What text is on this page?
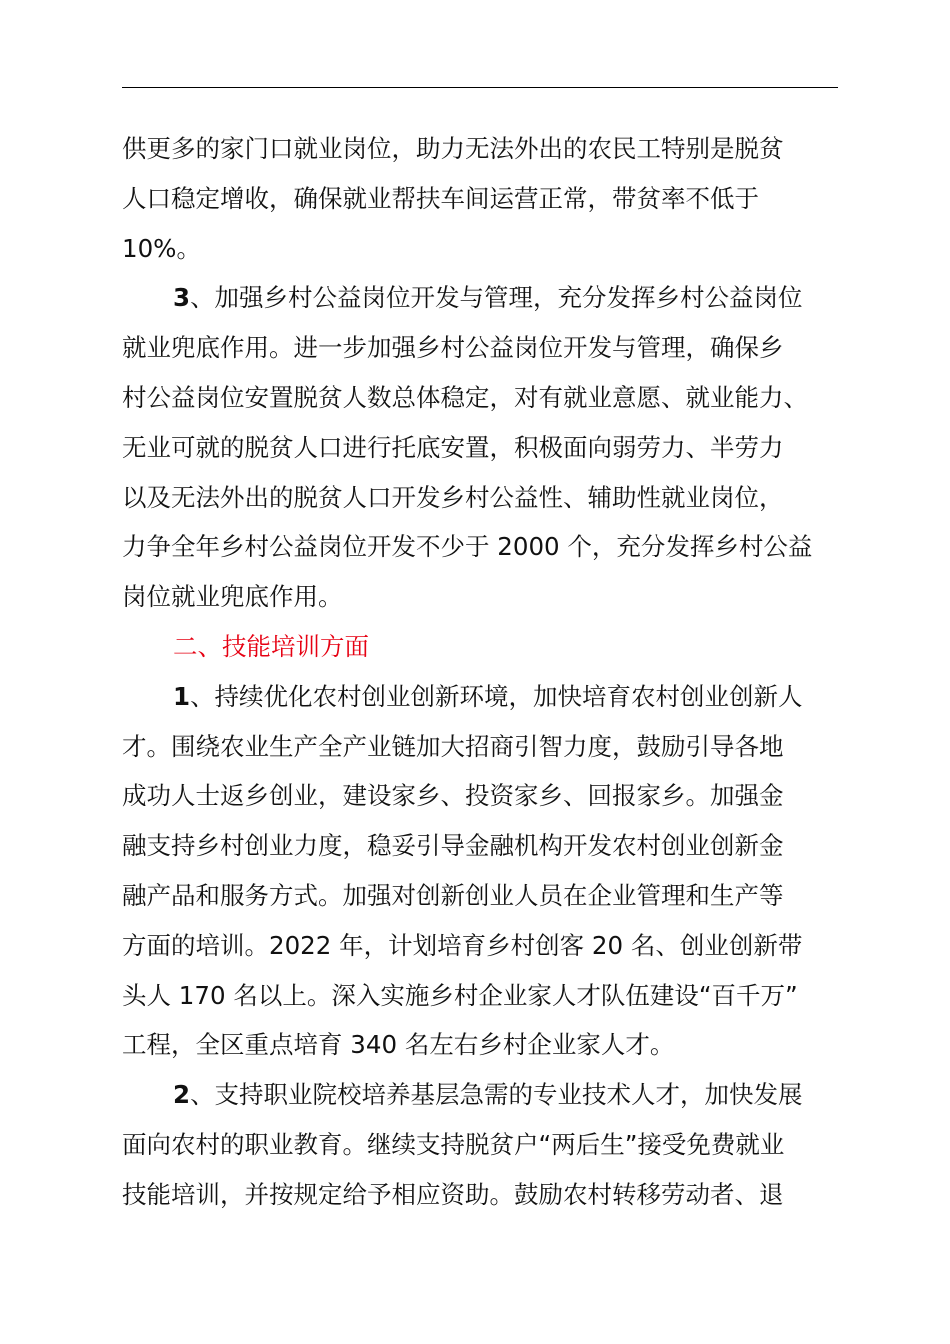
供更多的家门口就业岗位，助力无法外出的农民工特别是脱贫
人口稳定增收，确保就业帮扶车间运营正常，带贫率不低于
10%。
3、加强乡村公益岗位开发与管理，充分发挥乡村公益岗位
就业兜底作用。进一步加强乡村公益岗位开发与管理，确保乡
村公益岗位安置脱贫人数总体稳定，对有就业意愿、就业能力、
无业可就的脱贫人口进行托底安置，积极面向弱劳力、半劳力
以及无法外出的脱贫人口开发乡村公益性、辅助性就业岗位，
力争全年乡村公益岗位开发不少于 2000 个，充分发挥乡村公益
岗位就业兜底作用。
二、技能培训方面
1、持续优化农村创业创新环境，加快培育农村创业创新人
才。围绕农业生产全产业链加大招商引智力度，鼓励引导各地
成功人士返乡创业，建设家乡、投资家乡、回报家乡。加强金
融支持乡村创业力度，稳妥引导金融机构开发农村创业创新金
融产品和服务方式。加强对创新创业人员在企业管理和生产等
方面的培训。2022 年，计划培育乡村创客 20 名、创业创新带
头人 170 名以上。深入实施乡村企业家人才队伍建设“百千万”
工程，全区重点培育 340 名左右乡村企业家人才。
2、支持职业院校培养基层急需的专业技术人才，加快发展
面向农村的职业教育。继续支持脱贫户“两后生”接受免费就业
技能培训，并按规定给予相应资助。鼓励农村转移劳动者、退
